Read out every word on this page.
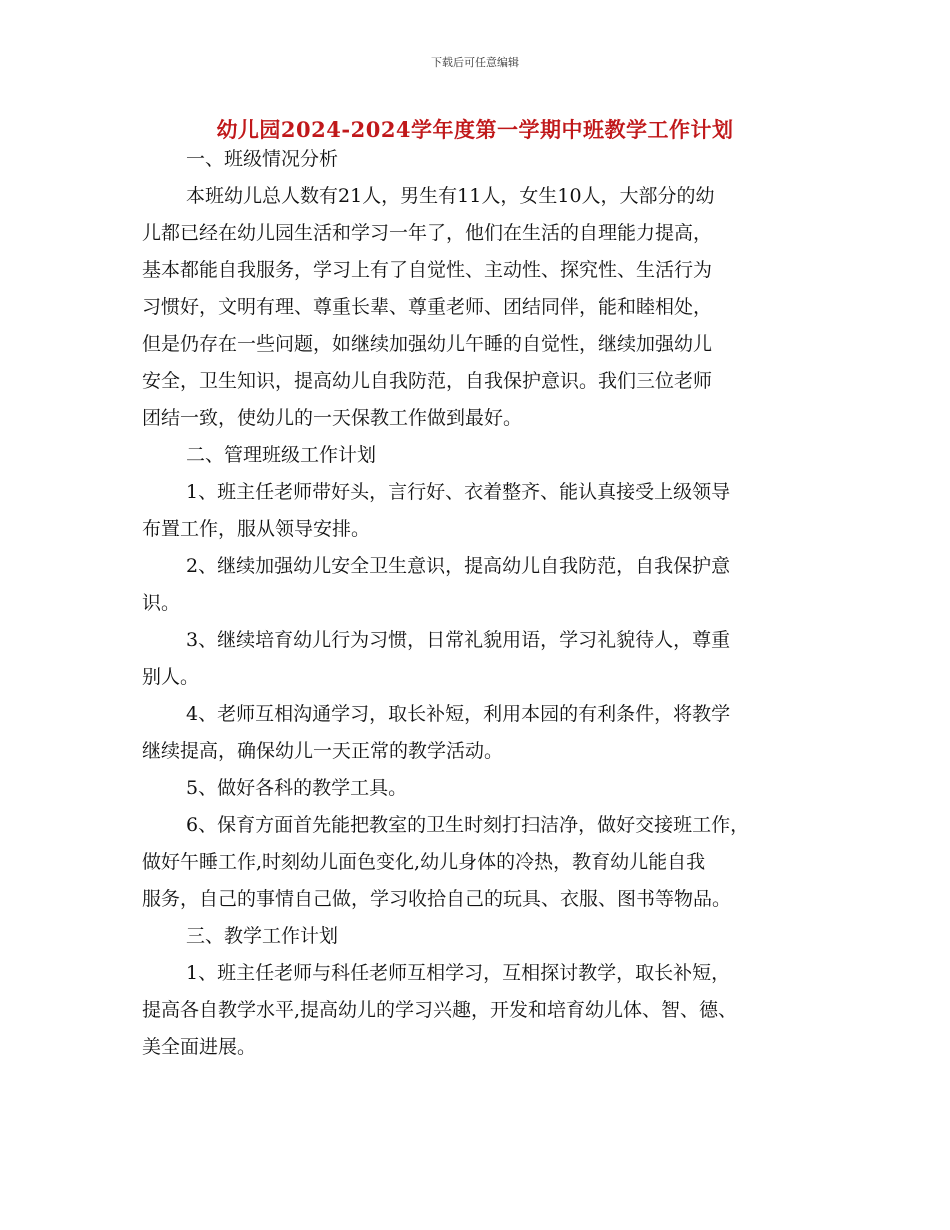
下载后可任意编辑
幼儿园2024-2024学年度第一学期中班教学工作计划
一、班级情况分析
本班幼儿总人数有21人，男生有11人，女生10人，大部分的幼
儿都已经在幼儿园生活和学习一年了，他们在生活的自理能力提高，
基本都能自我服务，学习上有了自觉性、主动性、探究性、生活行为
习惯好，文明有理、尊重长辈、尊重老师、团结同伴，能和睦相处，
但是仍存在一些问题，如继续加强幼儿午睡的自觉性，继续加强幼儿
安全，卫生知识，提高幼儿自我防范，自我保护意识。我们三位老师
团结一致，使幼儿的一天保教工作做到最好。
二、管理班级工作计划
1、班主任老师带好头，言行好、衣着整齐、能认真接受上级领导
布置工作，服从领导安排。
2、继续加强幼儿安全卫生意识，提高幼儿自我防范，自我保护意
识。
3、继续培育幼儿行为习惯，日常礼貌用语，学习礼貌待人，尊重
别人。
4、老师互相沟通学习，取长补短，利用本园的有利条件，将教学
继续提高，确保幼儿一天正常的教学活动。
5、做好各科的教学工具。
6、保育方面首先能把教室的卫生时刻打扫洁净，做好交接班工作，
做好午睡工作,时刻幼儿面色变化,幼儿身体的冷热，教育幼儿能自我
服务，自己的事情自己做，学习收拾自己的玩具、衣服、图书等物品。
三、教学工作计划
1、班主任老师与科任老师互相学习，互相探讨教学，取长补短，
提高各自教学水平,提高幼儿的学习兴趣，开发和培育幼儿体、智、德、
美全面进展。
